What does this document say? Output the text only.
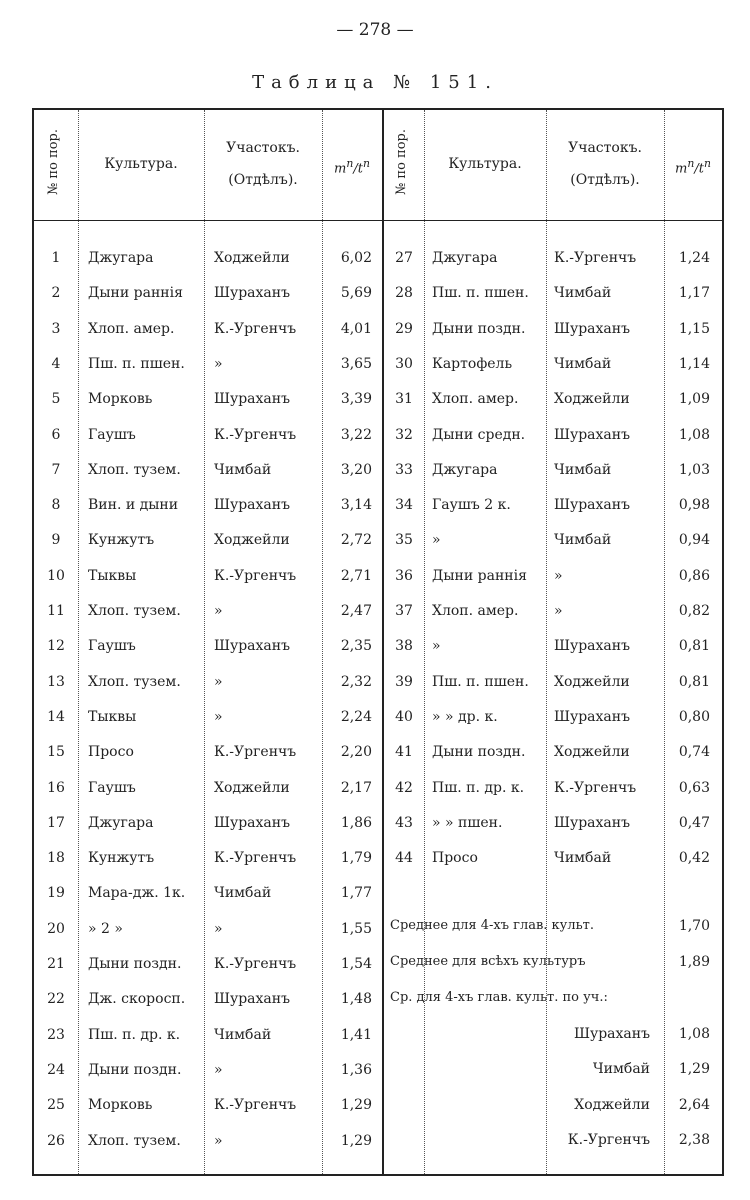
— 278 —
Таблица № 151.
№ по пор.	Культура.
Участокъ.
(Отдѣлъ).
$m^n/t^n$	№ по пор.	Культура.
Участокъ.
(Отдѣлъ).
$m^n/t^n$
1	Джугара	Ходжейли	6,02
2	Дыни раннія	Шураханъ	5,69
3	Хлоп. амер.	К.-Ургенчъ	4,01
4	Пш. п. пшен.	»	3,65
5	Морковь	Шураханъ	3,39
6	Гаушъ	К.-Ургенчъ	3,22
7	Хлоп. тузем.	Чимбай	3,20
8	Вин. и дыни	Шураханъ	3,14
9	Кунжутъ	Ходжейли	2,72
10	Тыквы	К.-Ургенчъ	2,71
11	Хлоп. тузем.	»	2,47
12	Гаушъ	Шураханъ	2,35
13	Хлоп. тузем.	»	2,32
14	Тыквы	»	2,24
15	Просо	К.-Ургенчъ	2,20
16	Гаушъ	Ходжейли	2,17
17	Джугара	Шураханъ	1,86
18	Кунжутъ	К.-Ургенчъ	1,79
19	Мара-дж. 1к.	Чимбай	1,77
20	» 2 »	»	1,55
21	Дыни поздн.	К.-Ургенчъ	1,54
22	Дж. скоросп.	Шураханъ	1,48
23	Пш. п. др. к.	Чимбай	1,41
24	Дыни поздн.	»	1,36
25	Морковь	К.-Ургенчъ	1,29
26	Хлоп. тузем.	»	1,29
27	Джугара	К.-Ургенчъ	1,24
28	Пш. п. пшен.	Чимбай	1,17
29	Дыни поздн.	Шураханъ	1,15
30	Картофель	Чимбай	1,14
31	Хлоп. амер.	Ходжейли	1,09
32	Дыни средн.	Шураханъ	1,08
33	Джугара	Чимбай	1,03
34	Гаушъ 2 к.	Шураханъ	0,98
35	»	Чимбай	0,94
36	Дыни раннія	»	0,86
37	Хлоп. амер.	»	0,82
38	»	Шураханъ	0,81
39	Пш. п. пшен.	Ходжейли	0,81
40	» » др. к.	Шураханъ	0,80
41	Дыни поздн.	Ходжейли	0,74
42	Пш. п. др. к.	К.-Ургенчъ	0,63
43	» » пшен.	Шураханъ	0,47
44	Просо	Чимбай	0,42
Среднее для 4-хъ глав. культ.	1,70
Среднее для всѣхъ культуръ	1,89
Ср. для 4-хъ глав. культ. по уч.:
Шураханъ	1,08
Чимбай	1,29
Ходжейли	2,64
К.-Ургенчъ	2,38
